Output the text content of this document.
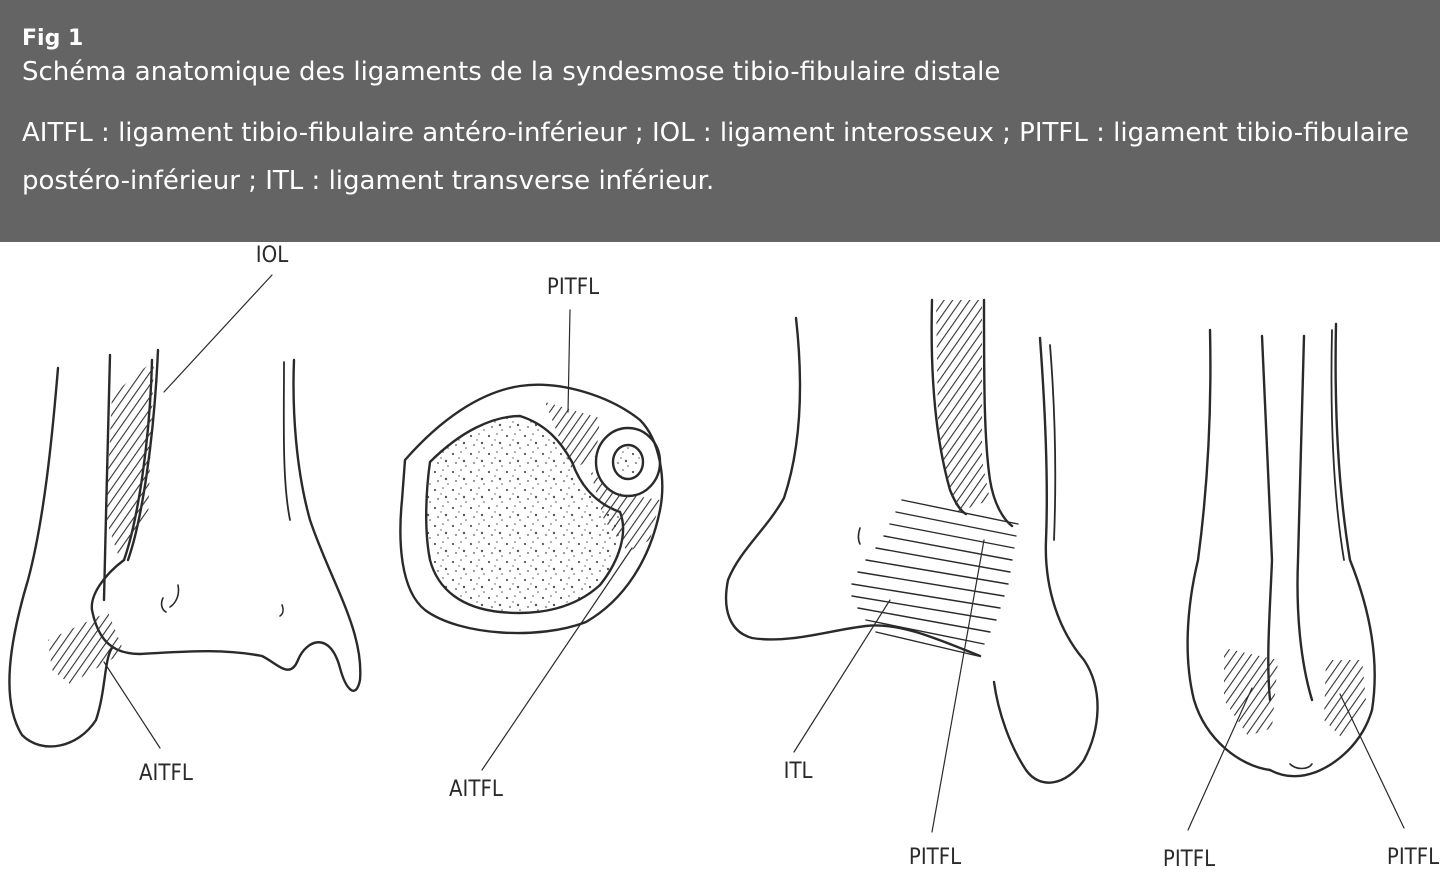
Fig 1
Schéma anatomique des ligaments de la syndesmose tibio-fibulaire distale
AITFL : ligament tibio-fibulaire antéro-inférieur ; IOL : ligament interosseux ; PITFL : ligament tibio-fibulaire postéro-inférieur ; ITL : ligament transverse inférieur.
IOL
AITFL
PITFL
AITFL
ITL
PITFL	PITFL	PITFL
